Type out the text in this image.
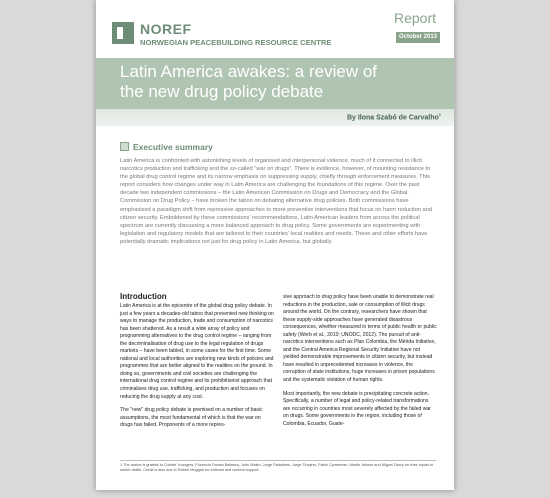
NOREF
NORWEGIAN PEACEBUILDING RESOURCE CENTRE
Report
October 2013
Latin America awakes: a review of
the new drug policy debate
By Ilona Szabó de Carvalho$^1$
Executive summary

Latin America is confronted with astonishing levels of organised and interpersonal violence, much of it connected to illicit narcotics production and trafficking and the so-called "war on drugs". There is evidence, however, of mounting resistance to the global drug control regime and its narrow emphasis on suppressing supply, chiefly through enforcement measures. This report considers how changes under way in Latin America are challenging the foundations of this regime. Over the past decade two independent commissions – the Latin American Commission on Drugs and Democracy and the Global Commission on Drug Policy – have broken the taboo on debating alternative drug policies. Both commissions have emphasised a paradigm shift from repressive approaches to more preventive interventions that focus on harm reduction and citizen security. Emboldened by these commissions' recommendations, Latin American leaders from across the political spectrum are currently discussing a more balanced approach to drug policy. Some governments are experimenting with legislation and regulatory models that are tailored to their countries' local realities and needs. These and other efforts have potentially dramatic implications not just for drug policy in Latin America, but globally.

Introduction

Latin America is at the epicentre of the global drug policy debate. In just a few years a decades-old taboo that prevented new thinking on ways to manage the production, trade and consumption of narcotics has been shattered. As a result a wide array of policy and programming alternatives to the drug control regime – ranging from the decriminalisation of drug use to the legal regulation of drugs markets – have been tabled, in some cases for the first time. Some national and local authorities are exploring new kinds of policies and programmes that are better aligned to the realities on the ground. In doing so, governments and civil societies are challenging the international drug control regime and its prohibitionist approach that criminalises drug use, trafficking, and production and focuses on reducing the drug supply at any cost.

The "new" drug policy debate is premised on a number of basic assumptions, the most fundamental of which is that the war on drugs has failed. Proponents of a more repres-

sive approach to drug policy have been unable to demonstrate real reductions in the production, sale or consumption of illicit drugs around the world. On the contrary, researchers have shown that these supply-side approaches have generated disastrous consequences, whether measured in terms of public health or public safety (Werb et al., 2010; UNODC, 2012). The pursuit of anti-narcotics interventions such as Plan Colombia, the Mérida Initiative, and the Central America Regional Security Initiative have not yielded demonstrable improvements in citizen security, but instead have resulted in unprecedented increases in violence, the corruption of state institutions, huge increases in prison populations and the systematic violation of human rights.

Most importantly, the new debate is precipitating concrete action. Specifically, a number of legal and policy-related transformations are occurring in countries most severely affected by the failed war on drugs. Some governments in the region, including those of Colombia, Ecuador, Guate-

1 The author is grateful to Colette Youngers, Florencia Fontan Balestra, John Walsh, Jorge Paladines, Jorge Tinajero, Pablo Cymerman, Martin Jelsma and Miguel Darcy for their inputs to earlier drafts. Credit is also due to Robert Muggah for editorial and content support.
